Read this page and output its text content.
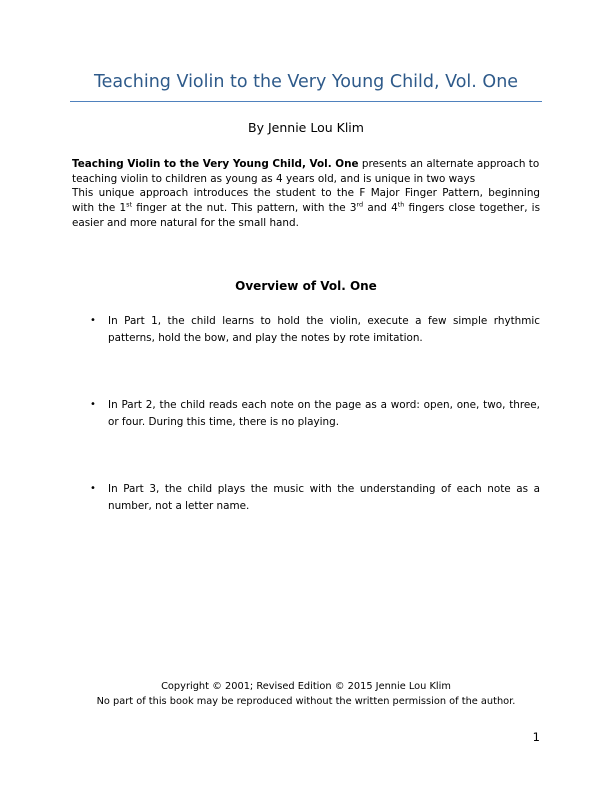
Teaching Violin to the Very Young Child, Vol. One
By Jennie Lou Klim

Teaching Violin to the Very Young Child, Vol. One presents an alternate approach to teaching violin to children as young as 4 years old, and is unique in two ways

This unique approach introduces the student to the F Major Finger Pattern, beginning with the 1st finger at the nut. This pattern, with the 3rd and 4th fingers close together, is easier and more natural for the small hand.

Overview of Vol. One
•	In Part 1, the child learns to hold the violin, execute a few simple rhythmic patterns, hold the bow, and play the notes by rote imitation.
•	In Part 2, the child reads each note on the page as a word: open, one, two, three, or four. During this time, there is no playing.
•	In Part 3, the child plays the music with the understanding of each note as a number, not a letter name.
Copyright © 2001; Revised Edition © 2015 Jennie Lou Klim
No part of this book may be reproduced without the written permission of the author.
1
